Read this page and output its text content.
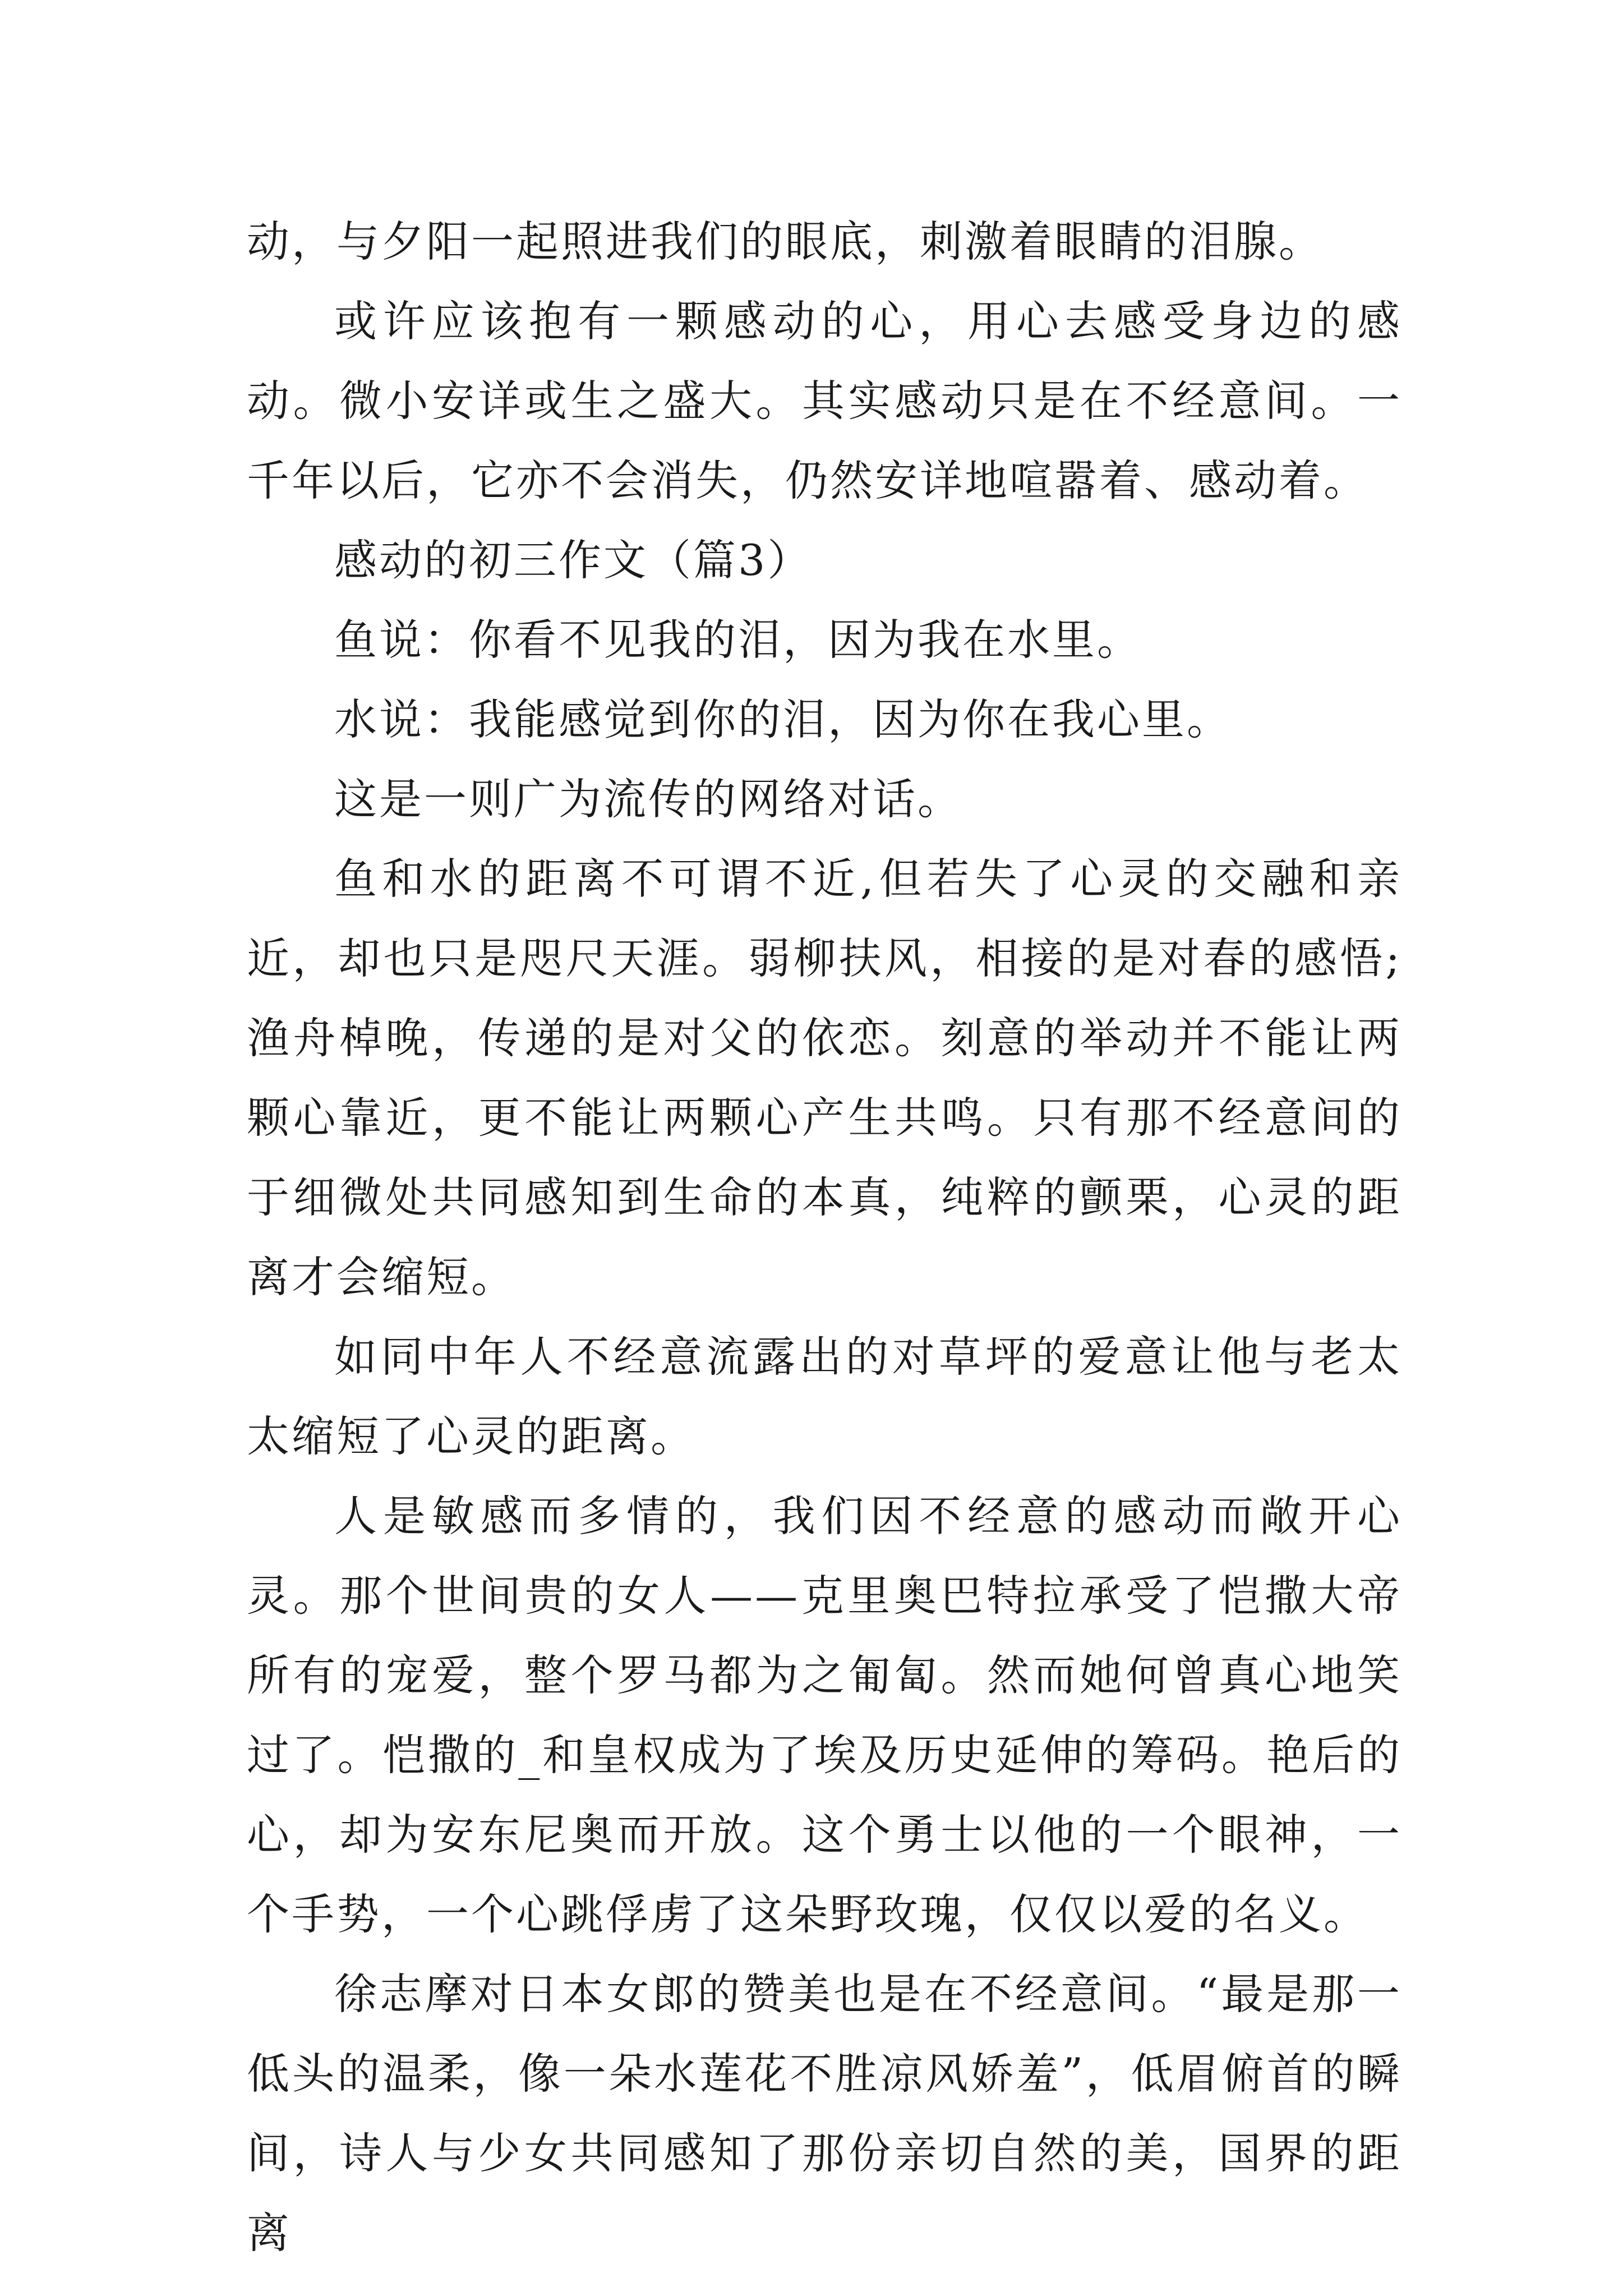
动，与夕阳一起照进我们的眼底，刺激着眼睛的泪腺。

或许应该抱有一颗感动的心，用心去感受身边的感动。微小安详或生之盛大。其实感动只是在不经意间。一千年以后，它亦不会消失，仍然安详地喧嚣着、感动着。

感动的初三作文（篇3）

鱼说：你看不见我的泪，因为我在水里。

水说：我能感觉到你的泪，因为你在我心里。

这是一则广为流传的网络对话。

鱼和水的距离不可谓不近,但若失了心灵的交融和亲近，却也只是咫尺天涯。弱柳扶风，相接的是对春的感悟;渔舟棹晚，传递的是对父的依恋。刻意的举动并不能让两颗心靠近，更不能让两颗心产生共鸣。只有那不经意间的于细微处共同感知到生命的本真，纯粹的颤栗，心灵的距离才会缩短。

如同中年人不经意流露出的对草坪的爱意让他与老太太缩短了心灵的距离。

人是敏感而多情的，我们因不经意的感动而敞开心灵。那个世间贵的女人——克里奥巴特拉承受了恺撒大帝所有的宠爱，整个罗马都为之匍匐。然而她何曾真心地笑过了。恺撒的_和皇权成为了埃及历史延伸的筹码。艳后的心，却为安东尼奥而开放。这个勇士以他的一个眼神，一个手势，一个心跳俘虏了这朵野玫瑰，仅仅以爱的名义。

徐志摩对日本女郎的赞美也是在不经意间。“最是那一低头的温柔，像一朵水莲花不胜凉风娇羞”，低眉俯首的瞬间，诗人与少女共同感知了那份亲切自然的美，国界的距离
